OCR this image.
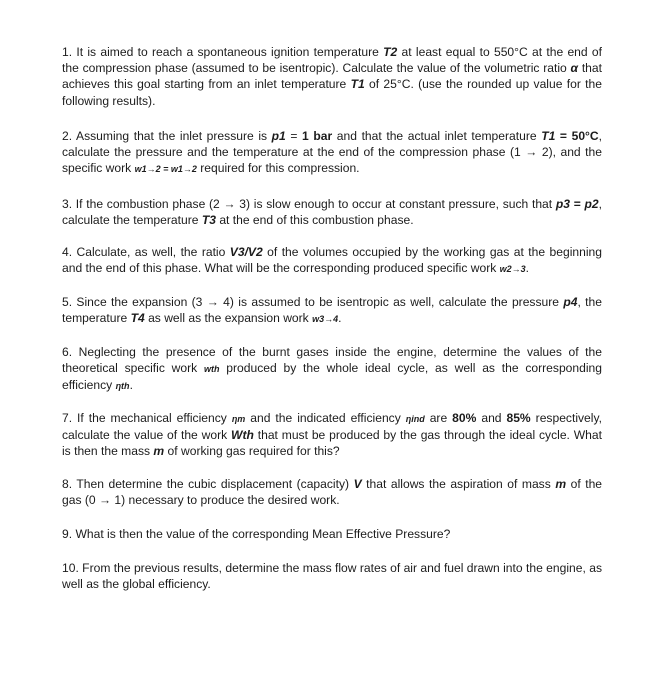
1. It is aimed to reach a spontaneous ignition temperature T2 at least equal to 550°C at the end of the compression phase (assumed to be isentropic). Calculate the value of the volumetric ratio α that achieves this goal starting from an inlet temperature T1 of 25°C. (use the rounded up value for the following results).

2. Assuming that the inlet pressure is p1 = 1 bar and that the actual inlet temperature T1 = 50°C, calculate the pressure and the temperature at the end of the compression phase (1 → 2), and the specific work w1→2 = w1→2 required for this compression.

3. If the combustion phase (2 → 3) is slow enough to occur at constant pressure, such that p3 = p2, calculate the temperature T3 at the end of this combustion phase.

4. Calculate, as well, the ratio V3/V2 of the volumes occupied by the working gas at the beginning and the end of this phase. What will be the corresponding produced specific work w2→3.

5. Since the expansion (3 → 4) is assumed to be isentropic as well, calculate the pressure p4, the temperature T4 as well as the expansion work w3→4.

6. Neglecting the presence of the burnt gases inside the engine, determine the values of the theoretical specific work wth produced by the whole ideal cycle, as well as the corresponding efficiency ηth.

7. If the mechanical efficiency ηm and the indicated efficiency ηind are 80% and 85% respectively, calculate the value of the work Wth that must be produced by the gas through the ideal cycle. What is then the mass m of working gas required for this?

8. Then determine the cubic displacement (capacity) V that allows the aspiration of mass m of the gas (0 → 1) necessary to produce the desired work.

9. What is then the value of the corresponding Mean Effective Pressure?

10. From the previous results, determine the mass flow rates of air and fuel drawn into the engine, as well as the global efficiency.
